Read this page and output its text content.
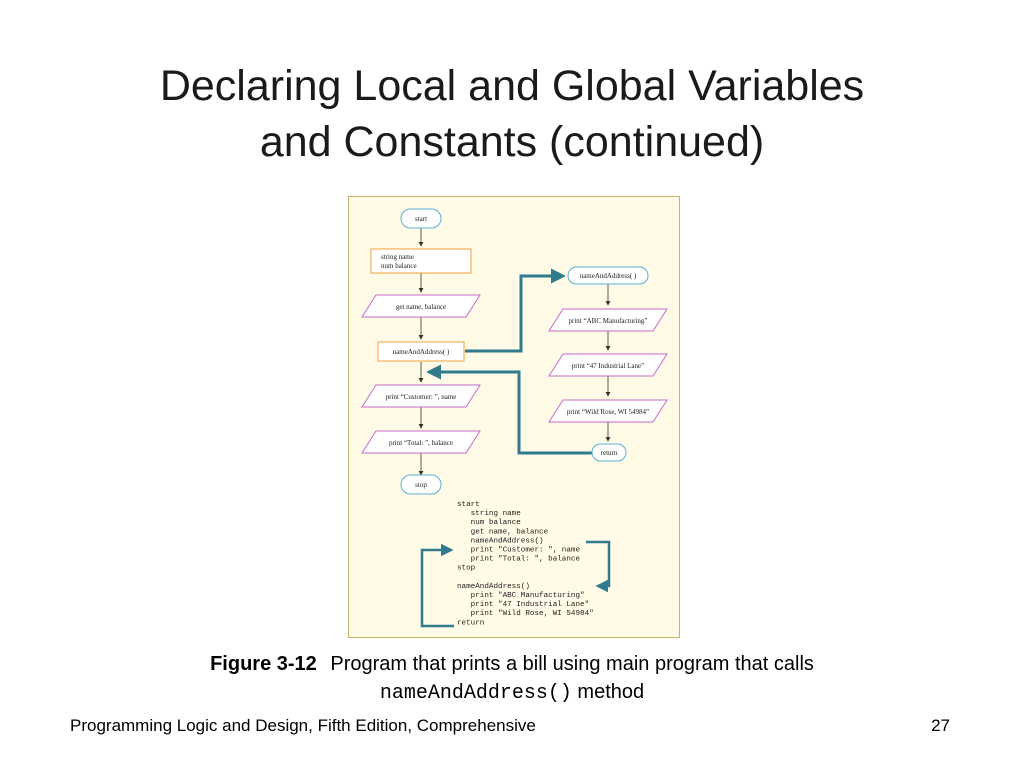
Declaring Local and Global Variables
and Constants (continued)
start
string name
num balance
get name, balance
nameAndAddress( )
print “Customer: ”, name
print “Total: ”, balance
stop
nameAndAddress( )
print “ABC Manufacturing”
print “47 Industrial Lane”
print “Wild Rose, WI 54984”
return
start
string name
num balance
get name, balance
nameAndAddress()
print "Customer: ", name
print "Total: ", balance
stop
nameAndAddress()
print "ABC Manufacturing"
print "47 Industrial Lane"
print "Wild Rose, WI 54984"
return
Figure 3-12 Program that prints a bill using main program that calls
nameAndAddress() method
Programming Logic and Design, Fifth Edition, Comprehensive	27
